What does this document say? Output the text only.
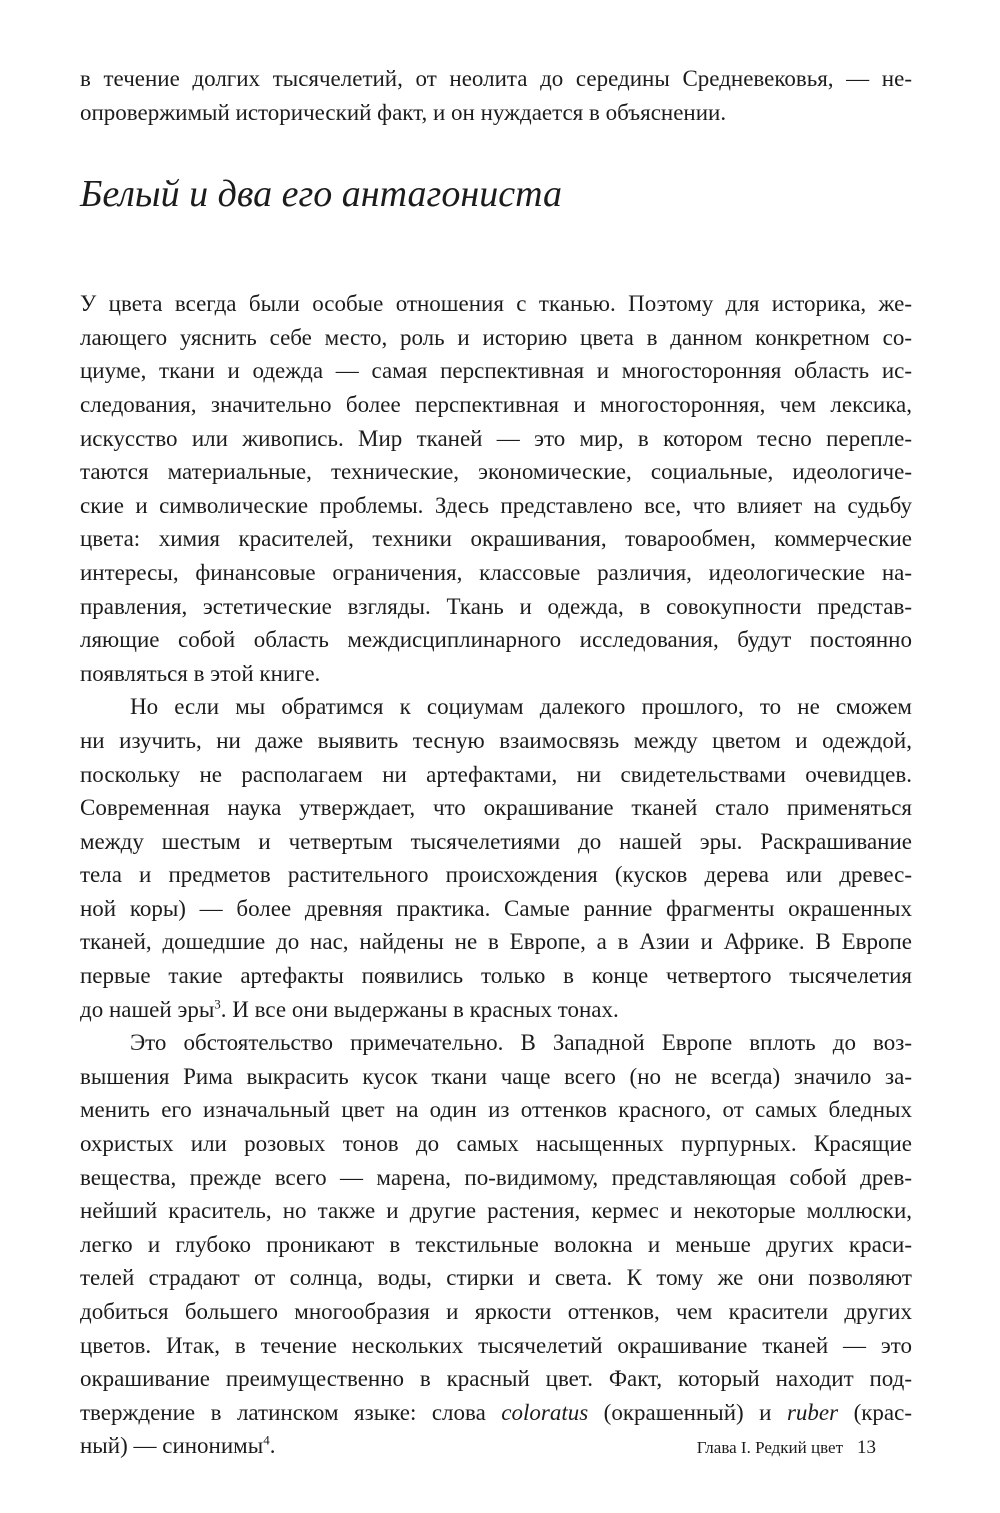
в течение долгих тысячелетий, от неолита до середины Средневековья, — не-
опровержимый исторический факт, и он нуждается в объяснении.
Белый и два его антагониста
У цвета всегда были особые отношения с тканью. Поэтому для историка, же-
лающего уяснить себе место, роль и историю цвета в данном конкретном со-
циуме, ткани и одежда — самая перспективная и многосторонняя область ис-
следования, значительно более перспективная и многосторонняя, чем лексика,
искусство или живопись. Мир тканей — это мир, в котором тесно перепле-
таются материальные, технические, экономические, социальные, идеологиче-
ские и символические проблемы. Здесь представлено все, что влияет на судьбу
цвета: химия красителей, техники окрашивания, товарообмен, коммерческие
интересы, финансовые ограничения, классовые различия, идеологические на-
правления, эстетические взгляды. Ткань и одежда, в совокупности представ-
ляющие собой область междисциплинарного исследования, будут постоянно
появляться в этой книге.
Но если мы обратимся к социумам далекого прошлого, то не сможем
ни изучить, ни даже выявить тесную взаимосвязь между цветом и одеждой,
поскольку не располагаем ни артефактами, ни свидетельствами очевидцев.
Современная наука утверждает, что окрашивание тканей стало применяться
между шестым и четвертым тысячелетиями до нашей эры. Раскрашивание
тела и предметов растительного происхождения (кусков дерева или древес-
ной коры) — более древняя практика. Самые ранние фрагменты окрашенных
тканей, дошедшие до нас, найдены не в Европе, а в Азии и Африке. В Европе
первые такие артефакты появились только в конце четвертого тысячелетия
до нашей эры$^3$. И все они выдержаны в красных тонах.
Это обстоятельство примечательно. В Западной Европе вплоть до воз-
вышения Рима выкрасить кусок ткани чаще всего (но не всегда) значило за-
менить его изначальный цвет на один из оттенков красного, от самых бледных
охристых или розовых тонов до самых насыщенных пурпурных. Красящие
вещества, прежде всего — марена, по-видимому, представляющая собой древ-
нейший краситель, но также и другие растения, кермес и некоторые моллюски,
легко и глубоко проникают в текстильные волокна и меньше других краси-
телей страдают от солнца, воды, стирки и света. К тому же они позволяют
добиться большего многообразия и яркости оттенков, чем красители других
цветов. Итак, в течение нескольких тысячелетий окрашивание тканей — это
окрашивание преимущественно в красный цвет. Факт, который находит под-
тверждение в латинском языке: слова coloratus (окрашенный) и ruber (крас-
ный) — синонимы$^4$.	Глава I. Редкий цвет 13
